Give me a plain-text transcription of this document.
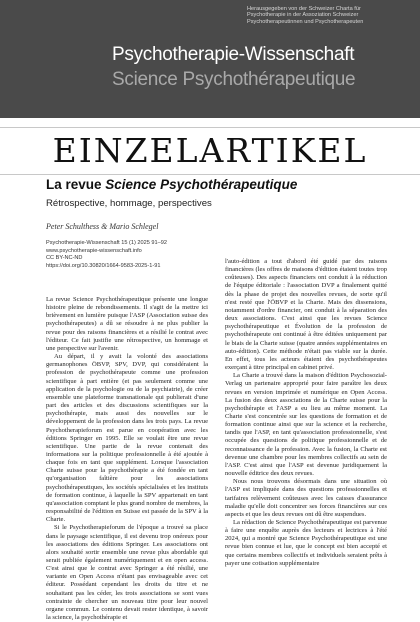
Herausgegeben von der Schweizer Charta für
Psychotherapie in der Assoziation Schweizer
Psychotherapeutinnen und Psychotherapeuten
Psychotherapie-Wissenschaft
Science Psychothérapeutique
EINZELARTIKEL
La revue Science Psychothérapeutique
Rétrospective, hommage, perspectives
Peter Schulthess & Mario Schlegel
Psychotherapie-Wissenschaft 15 (1) 2025 91–92
www.psychotherapie-wissenschaft.info
CC BY-NC-ND
https://doi.org/10.30820/1664-9583-2025-1-91

La revue Science Psychothérapeutique présente une longue histoire pleine de rebondissements. Il s'agit de la mettre ici brièvement en lumière puisque l'ASP (Association suisse des psychothérapeutes) a dû se résoudre à ne plus publier la revue pour des raisons financières et a résilié le contrat avec l'éditeur. Ce fait justifie une rétrospective, un hommage et une perspective sur l'avenir.

Au départ, il y avait la volonté des associations germanophones ÖBVP, SPV, DVP, qui considéraient la profession de psychothérapeute comme une profession scientifique à part entière (et pas seulement comme une application de la psychologie ou de la psychiatrie), de créer ensemble une plateforme transnationale qui publierait d'une part des articles et des discussions scientifiques sur la psychothérapie, mais aussi des nouvelles sur le développement de la profession dans les trois pays. La revue Psychotherapieforum est parue en coopération avec les éditions Springer en 1995. Elle se voulait être une revue scientifique. Une partie de la revue contenait des informations sur la politique professionnelle à été ajoutée à chaque fois en tant que supplément. Lorsque l'association Charte suisse pour la psychothérapie a été fondée en tant qu'organisation faîtière pour les associations psychothérapeutiques, les sociétés spécialisées et les instituts de formation continue, à laquelle la SPV appartenait en tant qu'association comptant le plus grand nombre de membres, la responsabilité de l'édition en Suisse est passée de la SPV à la Charte.

Si le Psychotherapieforum de l'époque a trouvé sa place dans le paysage scientifique, il est devenu trop onéreux pour les associations des éditions Springer. Les associations ont alors souhaité sortir ensemble une revue plus abordable qui serait publiée également numériquement et en open access. C'est ainsi que le contrat avec Springer a été résilié, une variante en Open Access n'étant pas envisageable avec cet éditeur. Possédant cependant les droits du titre et ne souhaitant pas les céder, les trois associations se sont vues contrainte de chercher un nouveau titre pour leur nouvel organe commun. Le contenu devait rester identique, à savoir la science, la psychothérapie et

l'auto-édition a tout d'abord été guidé par des raisons financières (les offres de maisons d'édition étaient toutes trop coûteuses). Des aspects financiers ont conduit à la réduction de l'équipe éditoriale : l'association DVP a finalement quitté dès la phase de projet des nouvelles revues, de sorte qu'il n'est resté que l'ÖBVP et la Charte. Mais des dissensions, notamment d'ordre financier, ont conduit à la séparation des deux associations. C'est ainsi que les revues Science psychothérapeutique et Évolution de la profession de psychothérapeute ont continué à être éditées uniquement par le biais de la Charte suisse (quatre années supplémentaires en auto-édition). Cette méthode n'était pas viable sur la durée. En effet, tous les acteurs étaient des psychothérapeutes exerçant à titre principal en cabinet privé.

La Charte a trouvé dans la maison d'édition Psychosozial-Verlag un partenaire approprié pour faire paraître les deux revues en version imprimée et numérique en Open Access. La fusion des deux associations de la Charte suisse pour la psychothérapie et l'ASP a eu lieu au même moment. La Charte s'est concentrée sur les questions de formation et de formation continue ainsi que sur la science et la recherche, tandis que l'ASP, en tant qu'association professionnelle, s'est occupée des questions de politique professionnelle et de reconnaissance de la profession. Avec la fusion, la Charte est devenue une chambre pour les membres collectifs au sein de l'ASP. C'est ainsi que l'ASP est devenue juridiquement la nouvelle éditrice des deux revues.

Nous nous trouvons désormais dans une situation où l'ASP est impliquée dans des questions professionnelles et tarifaires relèvement coûteuses avec les caisses d'assurance maladie qu'elle doit concentrer ses forces financières sur ces aspects et que les deux revues ont dû être suspendues.

La rédaction de Science Psychothérapeutique est parvenue à faire une enquête auprès des lecteurs et lectrices à l'été 2024, qui a montré que Science Psychothérapeutique est une revue bien connue et lue, que le concept est bien accepté et que certains membres collectifs et individuels seraient prêts à payer une cotisation supplémentaire
